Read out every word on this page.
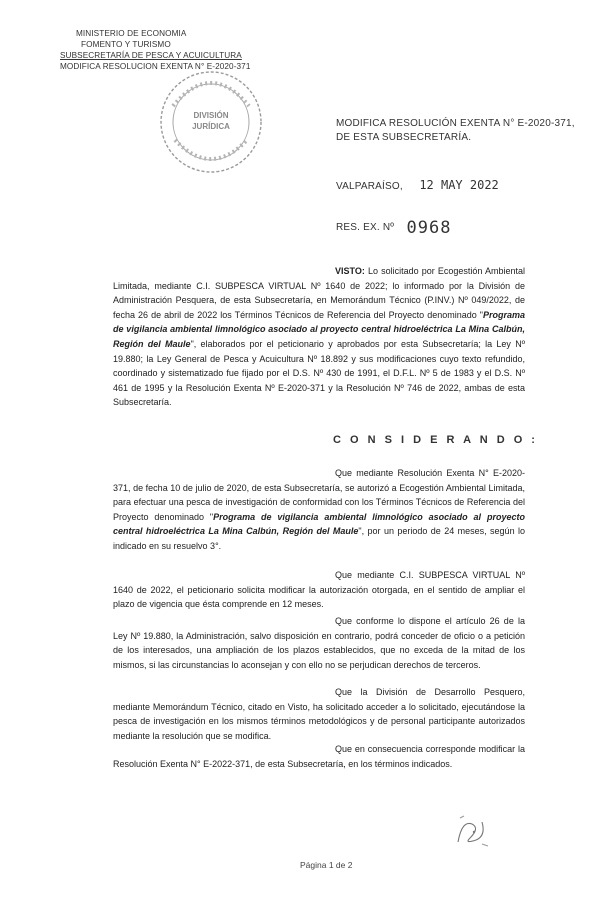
MINISTERIO DE ECONOMIA
FOMENTO Y TURISMO
SUBSECRETARÍA DE PESCA Y ACUICULTURA
MODIFICA RESOLUCION EXENTA N° E-2020-371
DIVISIÓN JURÍDICA	MODIFICA RESOLUCIÓN EXENTA N° E-2020-371,
DE ESTA SUBSECRETARÍA.
VALPARAÍSO, 12 MAY 2022
RES. EX. Nº 0968
VISTO: Lo solicitado por Ecogestión Ambiental Limitada, mediante C.I. SUBPESCA VIRTUAL Nº 1640 de 2022; lo informado por la División de Administración Pesquera, de esta Subsecretaría, en Memorándum Técnico (P.INV.) Nº 049/2022, de fecha 26 de abril de 2022 los Términos Técnicos de Referencia del Proyecto denominado "Programa de vigilancia ambiental limnológico asociado al proyecto central hidroeléctrica La Mina Calbún, Región del Maule", elaborados por el peticionario y aprobados por esta Subsecretaría; la Ley Nº 19.880; la Ley General de Pesca y Acuicultura Nº 18.892 y sus modificaciones cuyo texto refundido, coordinado y sistematizado fue fijado por el D.S. Nº 430 de 1991, el D.F.L. Nº 5 de 1983 y el D.S. Nº 461 de 1995 y la Resolución Exenta Nº E-2020-371 y la Resolución Nº 746 de 2022, ambas de esta Subsecretaría.
C O N S I D E R A N D O :
Que mediante Resolución Exenta N° E-2020-371, de fecha 10 de julio de 2020, de esta Subsecretaría, se autorizó a Ecogestión Ambiental Limitada, para efectuar una pesca de investigación de conformidad con los Términos Técnicos de Referencia del Proyecto denominado "Programa de vigilancia ambiental limnológico asociado al proyecto central hidroeléctrica La Mina Calbún, Región del Maule", por un periodo de 24 meses, según lo indicado en su resuelvo 3°.
Que mediante C.I. SUBPESCA VIRTUAL Nº 1640 de 2022, el peticionario solicita modificar la autorización otorgada, en el sentido de ampliar el plazo de vigencia que ésta comprende en 12 meses.
Que conforme lo dispone el artículo 26 de la Ley Nº 19.880, la Administración, salvo disposición en contrario, podrá conceder de oficio o a petición de los interesados, una ampliación de los plazos establecidos, que no exceda de la mitad de los mismos, si las circunstancias lo aconsejan y con ello no se perjudican derechos de terceros.
Que la División de Desarrollo Pesquero, mediante Memorándum Técnico, citado en Visto, ha solicitado acceder a lo solicitado, ejecutándose la pesca de investigación en los mismos términos metodológicos y de personal participante autorizados mediante la resolución que se modifica.
Que en consecuencia corresponde modificar la Resolución Exenta N° E-2022-371, de esta Subsecretaría, en los términos indicados.
Página 1 de 2
